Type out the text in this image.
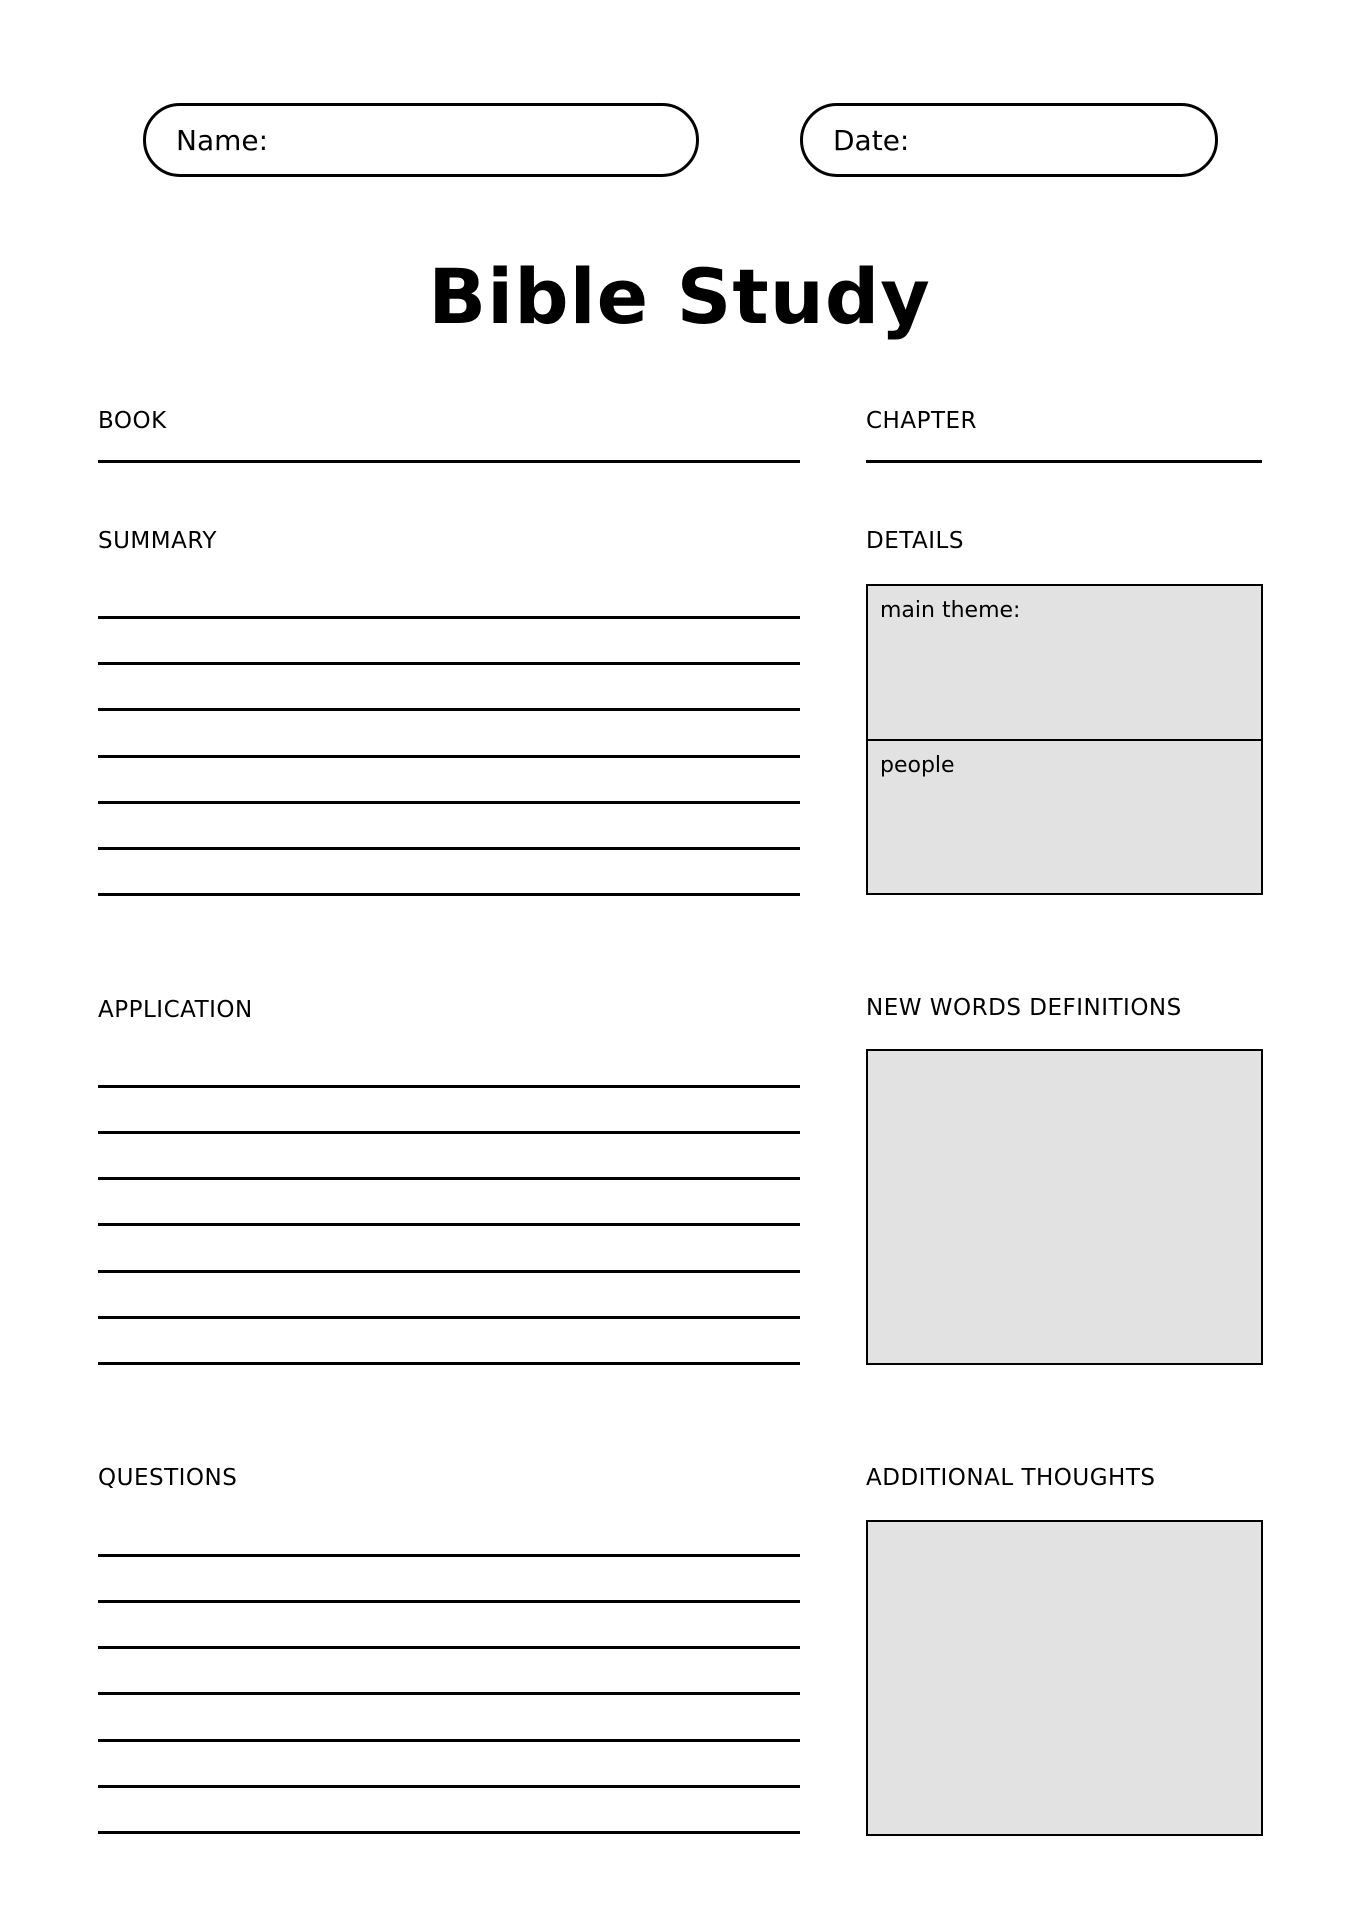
Name:	Date:
Bible Study
BOOK	CHAPTER
SUMMARY	DETAILS
main theme:
people
APPLICATION	NEW WORDS DEFINITIONS
QUESTIONS	ADDITIONAL THOUGHTS
